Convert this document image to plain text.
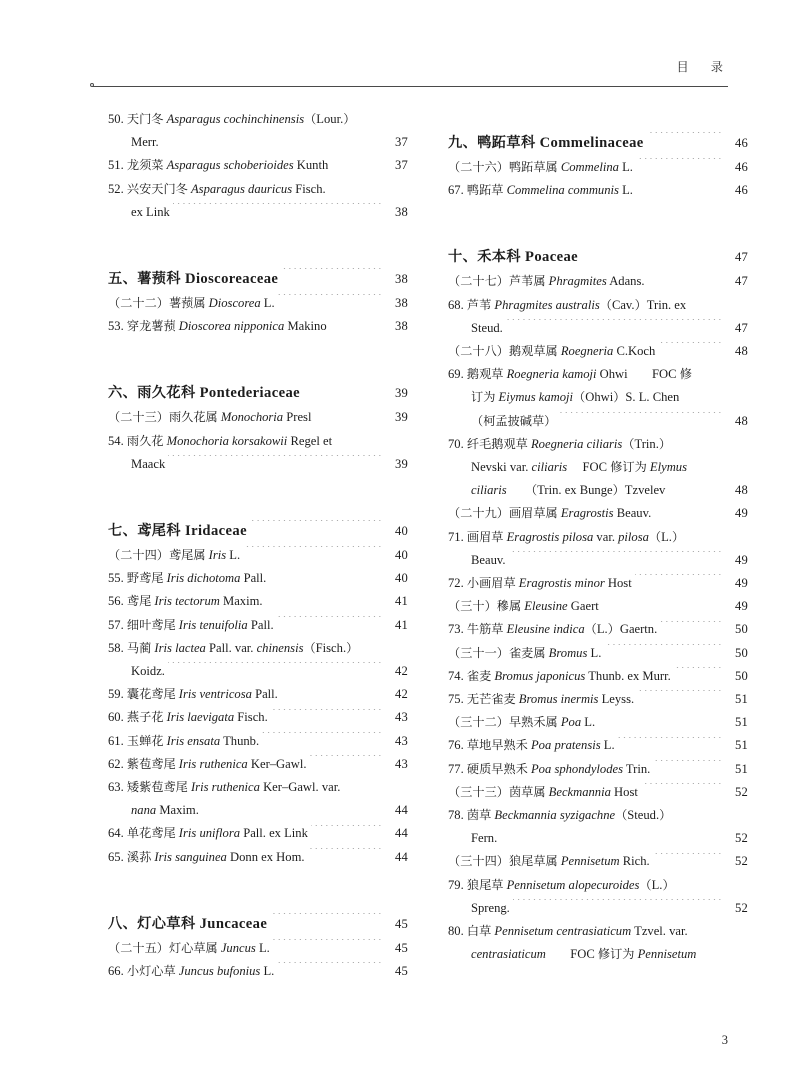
目　录
50. 天门冬 Asparagus cochinchinensis（Lour.）
Merr. ·····	37
51. 龙须菜 Asparagus schoberioides Kunth ·····	37
52. 兴安天门冬 Asparagus dauricus Fisch.
ex Link ·····	38
五、薯蓣科 Dioscoreaceae ·····	38
（二十二）薯蓣属 Dioscorea L. ·····	38
53. 穿龙薯蓣 Dioscorea nipponica Makino ·····	38
六、雨久花科 Pontederiaceae ·····	39
（二十三）雨久花属 Monochoria Presl ·····	39
54. 雨久花 Monochoria korsakowii Regel et
Maack ·····	39
七、鸢尾科 Iridaceae ·····	40
（二十四）鸢尾属 Iris L. ·····	40
55. 野鸢尾 Iris dichotoma Pall. ·····	40
56. 鸢尾 Iris tectorum Maxim. ·····	41
57. 细叶鸢尾 Iris tenuifolia Pall. ·····	41
58. 马蔺 Iris lactea Pall. var. chinensis（Fisch.）
Koidz. ·····	42
59. 囊花鸢尾 Iris ventricosa Pall. ·····	42
60. 燕子花 Iris laevigata Fisch. ·····	43
61. 玉蝉花 Iris ensata Thunb. ·····	43
62. 紫苞鸢尾 Iris ruthenica Ker–Gawl. ·····	43
63. 矮紫苞鸢尾 Iris ruthenica Ker–Gawl. var.
nana Maxim. ·····	44
64. 单花鸢尾 Iris uniflora Pall. ex Link ·····	44
65. 溪荪 Iris sanguinea Donn ex Hom. ·····	44
八、灯心草科 Juncaceae ·····	45
（二十五）灯心草属 Juncus L. ·····	45
66. 小灯心草 Juncus bufonius L. ·····	45
九、鸭跖草科 Commelinaceae ·····	46
（二十六）鸭跖草属 Commelina L. ·····	46
67. 鸭跖草 Commelina communis L. ·····	46
十、禾本科 Poaceae ·····	47
（二十七）芦苇属 Phragmites Adans. ·····	47
68. 芦苇 Phragmites australis（Cav.）Trin. ex
Steud. ·····	47
（二十八）鹅观草属 Roegneria C.Koch ·····	48
69. 鹅观草 Roegneria kamoji Ohwi　　 FOC 修
订为 Eiymus kamoji（Ohwi）S. L. Chen
（柯孟披碱草） ·····	48
70. 纤毛鹅观草 Roegneria ciliaris（Trin.）
Nevski var. ciliaris　 FOC 修订为 Elymus
ciliaris　　 （Trin. ex Bunge）Tzvelev ·····	48
（二十九）画眉草属 Eragrostis Beauv. ·····	49
71. 画眉草 Eragrostis pilosa var. pilosa（L.）
Beauv. ·····	49
72. 小画眉草 Eragrostis minor Host ·····	49
（三十）穇属 Eleusine Gaert ·····	49
73. 牛筋草 Eleusine indica（L.）Gaertn. ·····	50
（三十一）雀麦属 Bromus L. ·····	50
74. 雀麦 Bromus japonicus Thunb. ex Murr. ·····	50
75. 无芒雀麦 Bromus inermis Leyss. ·····	51
（三十二）早熟禾属 Poa L. ·····	51
76. 草地早熟禾 Poa pratensis L. ·····	51
77. 硬质早熟禾 Poa sphondylodes Trin. ·····	51
（三十三）茵草属 Beckmannia Host ·····	52
78. 茵草 Beckmannia syzigachne（Steud.）
Fern. ·····	52
（三十四）狼尾草属 Pennisetum Rich. ·····	52
79. 狼尾草 Pennisetum alopecuroides（L.）
Spreng. ·····	52
80. 白草 Pennisetum centrasiaticum Tzvel. var.
centrasiaticum　　 FOC 修订为 Pennisetum
3
